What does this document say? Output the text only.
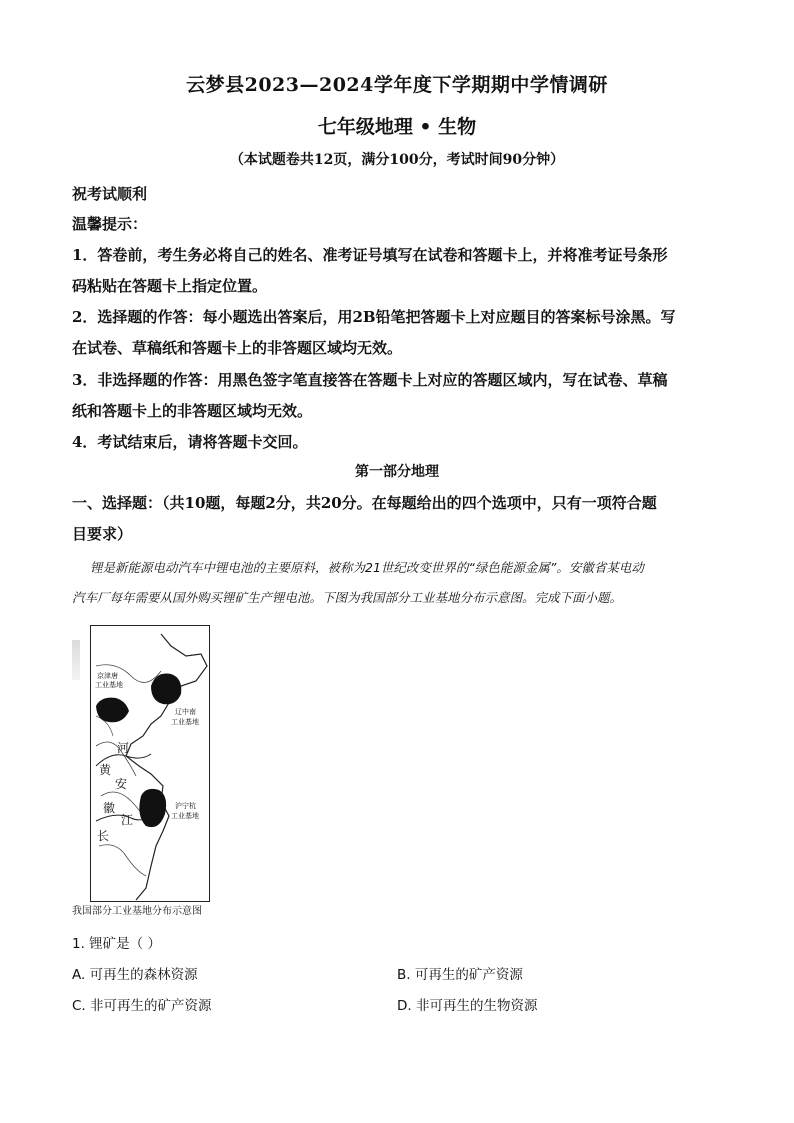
云梦县2023—2024学年度下学期期中学情调研
七年级地理 • 生物
（本试题卷共12页，满分100分，考试时间90分钟）
祝考试顺利
温馨提示：
1．答卷前，考生务必将自己的姓名、准考证号填写在试卷和答题卡上，并将准考证号条形
码粘贴在答题卡上指定位置。
2．选择题的作答：每小题选出答案后，用2B铅笔把答题卡上对应题目的答案标号涂黑。写
在试卷、草稿纸和答题卡上的非答题区域均无效。
3．非选择题的作答：用黑色签字笔直接答在答题卡上对应的答题区域内，写在试卷、草稿
纸和答题卡上的非答题区域均无效。
4．考试结束后，请将答题卡交回。
第一部分地理
一、选择题：（共10题，每题2分，共20分。在每题给出的四个选项中，只有一项符合题
目要求）
锂是新能源电动汽车中锂电池的主要原料，被称为21世纪改变世界的“绿色能源金属”。安徽省某电动
汽车厂每年需要从国外购买锂矿生产锂电池。下图为我国部分工业基地分布示意图。完成下面小题。
京津唐
工业基地
辽中南
工业基地
沪宁杭
工业基地
河
黄
安
徽
江
长
我国部分工业基地分布示意图
1. 锂矿是（ ）
A. 可再生的森林资源	B. 可再生的矿产资源
C. 非可再生的矿产资源	D. 非可再生的生物资源
